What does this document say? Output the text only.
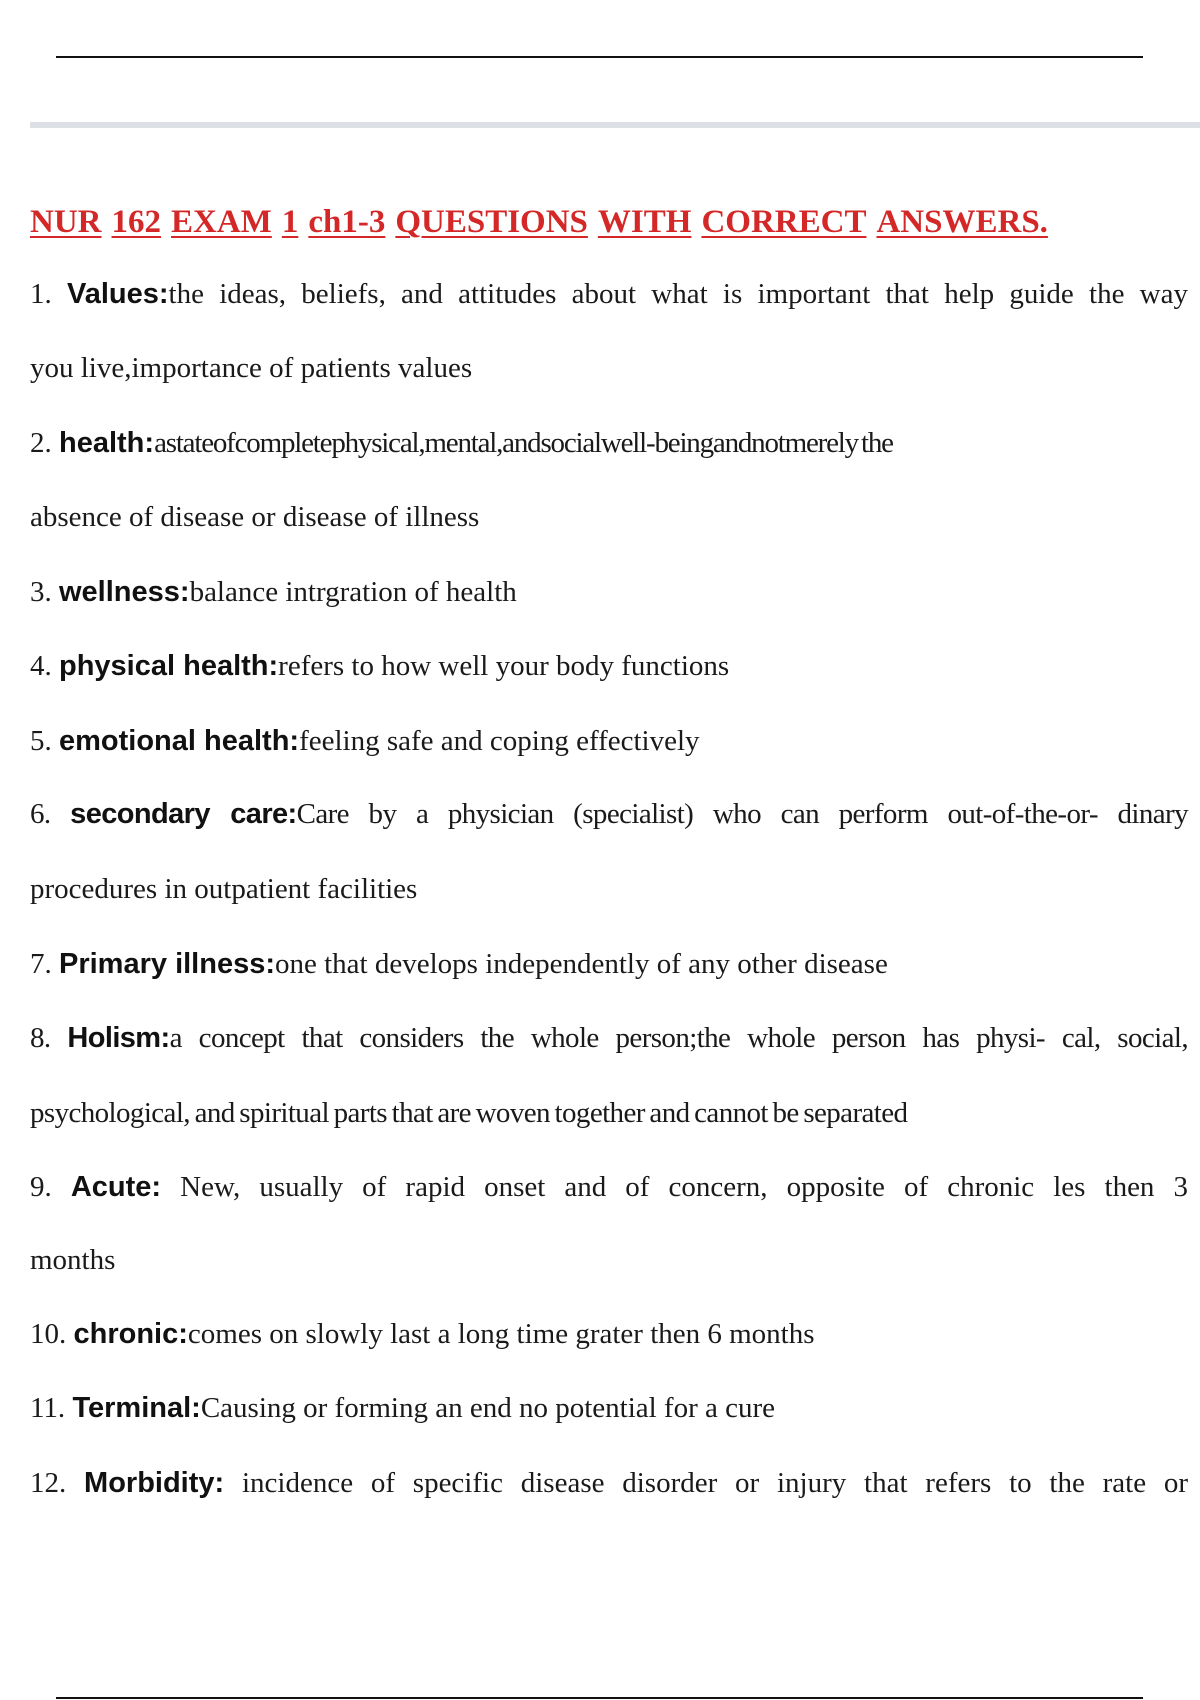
NUR 162 EXAM 1 ch1-3 QUESTIONS WITH CORRECT ANSWERS.
1. Values:the ideas, beliefs, and attitudes about what is important that help guide the way
you live,importance of patients values
2. health:astateofcompletephysical,mental,andsocialwell-beingandnotmerely the
absence of disease or disease of illness
3. wellness:balance intrgration of health
4. physical health:refers to how well your body functions
5. emotional health:feeling safe and coping effectively
6. secondary care:Care by a physician (specialist) who can perform out-of-the-or- dinary
procedures in outpatient facilities
7. Primary illness:one that develops independently of any other disease
8. Holism:a concept that considers the whole person;the whole person has physi- cal, social,
psychological, and spiritual parts that are woven together and cannot be separated
9. Acute: New, usually of rapid onset and of concern, opposite of chronic les then 3
months
10. chronic:comes on slowly last a long time grater then 6 months
11. Terminal:Causing or forming an end no potential for a cure
12. Morbidity: incidence of specific disease disorder or injury that refers to the rate or
